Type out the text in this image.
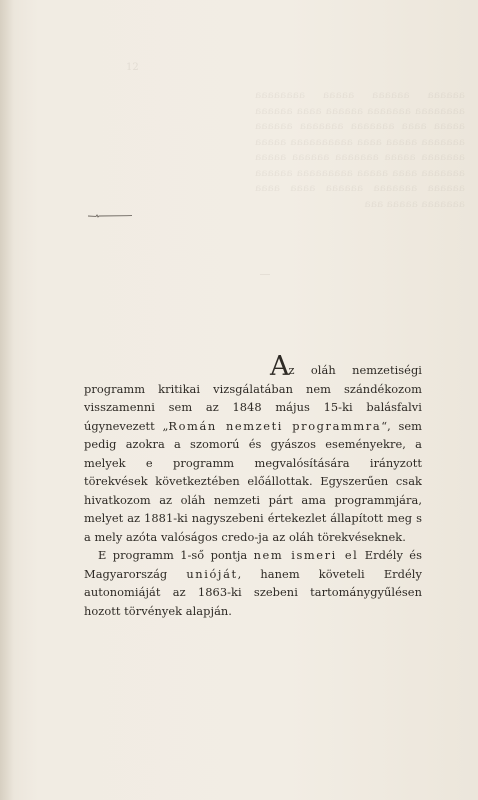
12
aaaaaa aaaaaa aaaaa aaaaaaaa aaaaaaaa aaaaaaa aaaaaa aaaa aaaaaa aaaaa aaaa aaaaaaa aaaaaaa aaaaaa aaaaaaa aaaaa aaaa aaaaaaaaaa aaaaa aaaaaaa aaaaa aaaaaaa aaaaaa aaaaa aaaaaaa aaaa aaaaa aaaaaaaaa aaaaaa aaaaaa aaaaaaa aaaaaa aaaa aaaa aaaaaaa aaaaa aaa

Az oláh nemzetiségi programm kritikai vizsgálatában nem szándékozom visszamenni sem az 1848 május 15-ki balásfalvi úgynevezett „Román nemzeti programmra“, sem pedig azokra a szomorú és gyászos eseményekre, a melyek e programm megvalósítására irányzott törekvések következtében előállottak. Egyszerűen csak hivatkozom az oláh nemzeti párt ama programmjára, melyet az 1881-ki nagyszebeni értekezlet állapított meg s a mely azóta valóságos credo-ja az oláh törekvéseknek.

E programm 1-ső pontja nem ismeri el Erdély és Magyarország unióját, hanem követeli Erdély autonomiáját az 1863-ki szebeni tartománygyűlésen hozott törvények alapján.
